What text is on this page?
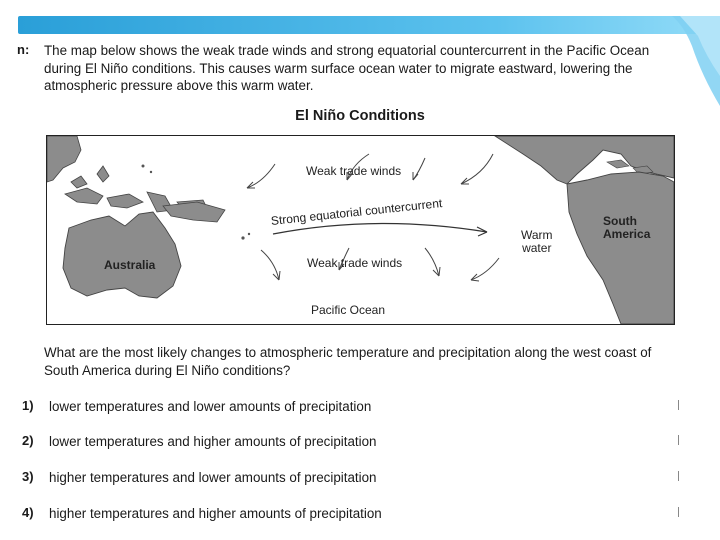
n: The map below shows the weak trade winds and strong equatorial countercurrent in the Pacific Ocean during El Niño conditions. This causes warm surface ocean water to migrate eastward, lowering the atmospheric pressure above this warm water.

El Niño Conditions
Australia
Weak trade winds
Strong equatorial countercurrent
Weak trade winds
Warm
water
South
America
Pacific Ocean

What are the most likely changes to atmospheric temperature and precipitation along the west coast of South America during El Niño conditions?

1) lower temperatures and lower amounts of precipitation
2) lower temperatures and higher amounts of precipitation
3) higher temperatures and lower amounts of precipitation
4) higher temperatures and higher amounts of precipitation
